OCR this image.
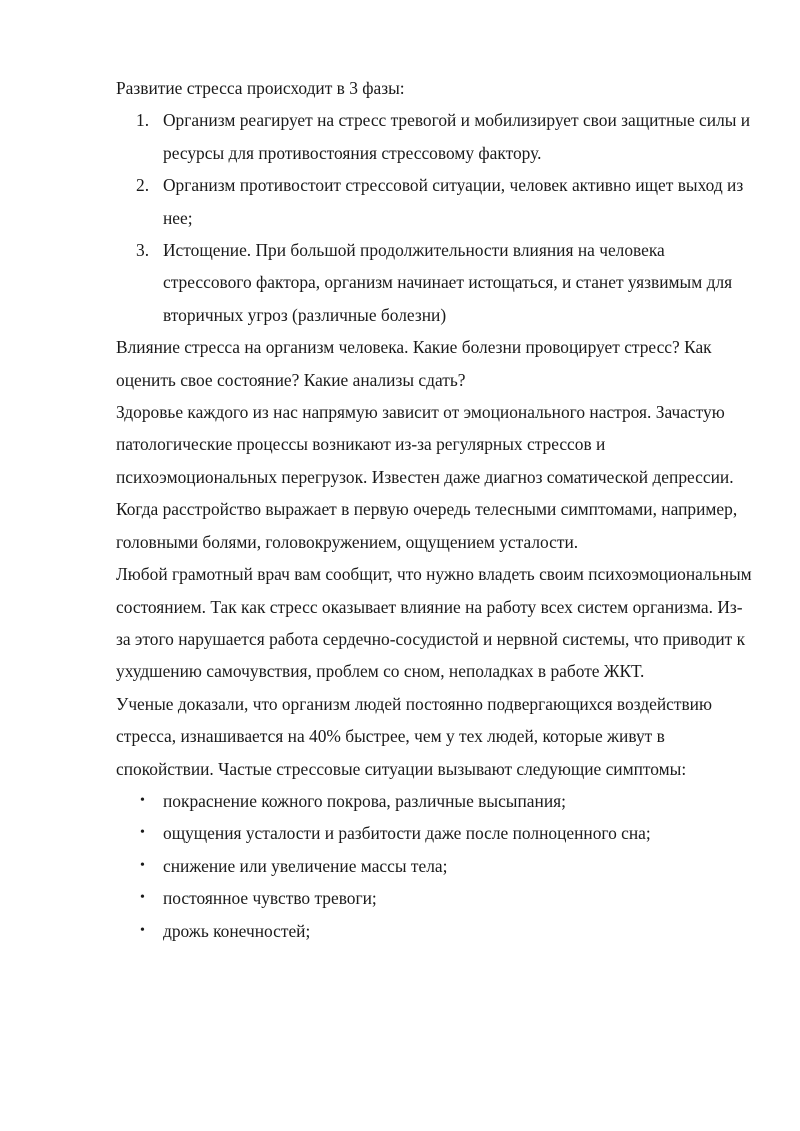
Развитие стресса происходит в 3 фазы:

1. Организм реагирует на стресс тревогой и мобилизирует свои защитные силы и ресурсы для противостояния стрессовому фактору.
2. Организм противостоит стрессовой ситуации, человек активно ищет выход из нее;
3. Истощение. При большой продолжительности влияния на человека стрессового фактора, организм начинает истощаться, и станет уязвимым для вторичных угроз (различные болезни)

Влияние стресса на организм человека. Какие болезни провоцирует стресс? Как оценить свое состояние? Какие анализы сдать?

Здоровье каждого из нас напрямую зависит от эмоционального настроя. Зачастую патологические процессы возникают из-за регулярных стрессов и психоэмоциональных перегрузок. Известен даже диагноз соматической депрессии. Когда расстройство выражает в первую очередь телесными симптомами, например, головными болями, головокружением, ощущением усталости.

Любой грамотный врач вам сообщит, что нужно владеть своим психоэмоциональным состоянием. Так как стресс оказывает влияние на работу всех систем организма. Из-за этого нарушается работа сердечно-сосудистой и нервной системы, что приводит к ухудшению самочувствия, проблем со сном, неполадках в работе ЖКТ.

Ученые доказали, что организм людей постоянно подвергающихся воздействию стресса, изнашивается на 40% быстрее, чем у тех людей, которые живут в спокойствии. Частые стрессовые ситуации вызывают следующие симптомы:

• покраснение кожного покрова, различные высыпания;
• ощущения усталости и разбитости даже после полноценного сна;
• снижение или увеличение массы тела;
• постоянное чувство тревоги;
• дрожь конечностей;
